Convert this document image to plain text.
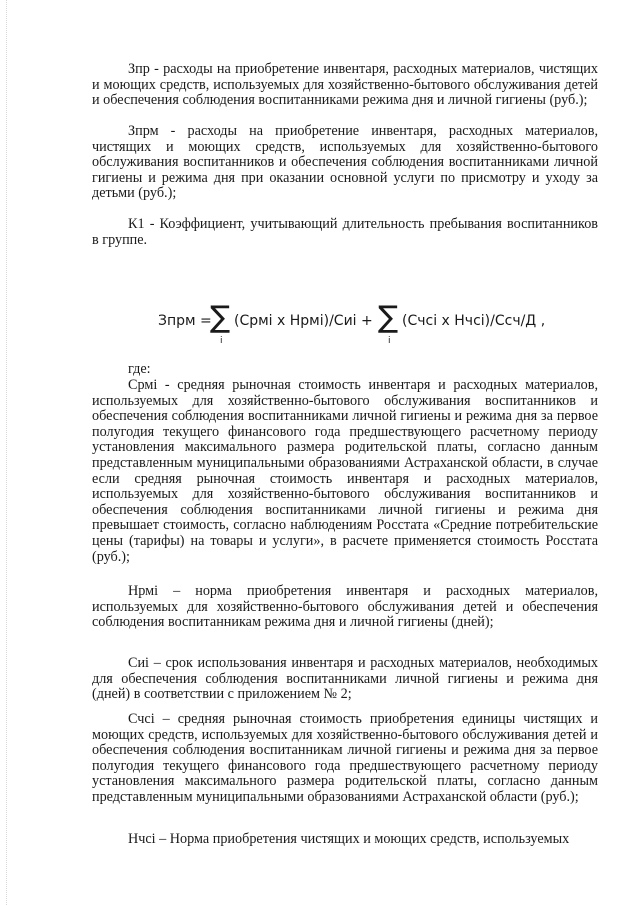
Зпр - расходы на приобретение инвентаря, расходных материалов, чистящих и моющих средств, используемых для хозяйственно-бытового обслуживания детей и обеспечения соблюдения воспитанниками режима дня и личной гигиены (руб.);

Зпрм - расходы на приобретение инвентаря, расходных материалов, чистящих и моющих средств, используемых для хозяйственно-бытового обслуживания воспитанников и обеспечения соблюдения воспитанниками личной гигиены и режима дня при оказании основной услуги по присмотру и уходу за детьми (руб.);

К1 - Коэффициент, учитывающий длительность пребывания воспитанников в группе.

Зпрм =
∑
i
(Cрмi x Hрмi)/Cиi + ∑
i
(Счсi x Hчсi)/Сcч/Д ,

где:

Cрмi - средняя рыночная стоимость инвентаря и расходных материалов, используемых для хозяйственно-бытового обслуживания воспитанников и обеспечения соблюдения воспитанниками личной гигиены и режима дня за первое полугодия текущего финансового года предшествующего расчетному периоду установления максимального размера родительской платы, согласно данным представленным муниципальными образованиями Астраханской области, в случае если средняя рыночная стоимость инвентаря и расходных материалов, используемых для хозяйственно-бытового обслуживания воспитанников и обеспечения соблюдения воспитанниками личной гигиены и режима дня превышает стоимость, согласно наблюдениям Росстата «Средние потребительские цены (тарифы) на товары и услуги», в расчете применяется стоимость Росстата (руб.);

Hрмi – норма приобретения инвентаря и расходных материалов, используемых для хозяйственно-бытового обслуживания детей и обеспечения соблюдения воспитанникам режима дня и личной гигиены (дней);

Cиi – срок использования инвентаря и расходных материалов, необходимых для обеспечения соблюдения воспитанниками личной гигиены и режима дня (дней) в соответствии с приложением № 2;

Счсi – средняя рыночная стоимость приобретения единицы чистящих и моющих средств, используемых для хозяйственно-бытового обслуживания детей и обеспечения соблюдения воспитанникам личной гигиены и режима дня за первое полугодия текущего финансового года предшествующего расчетному периоду установления максимального размера родительской платы, согласно данным представленным муниципальными образованиями Астраханской области (руб.);

Hчсi – Норма приобретения чистящих и моющих средств, используемых
